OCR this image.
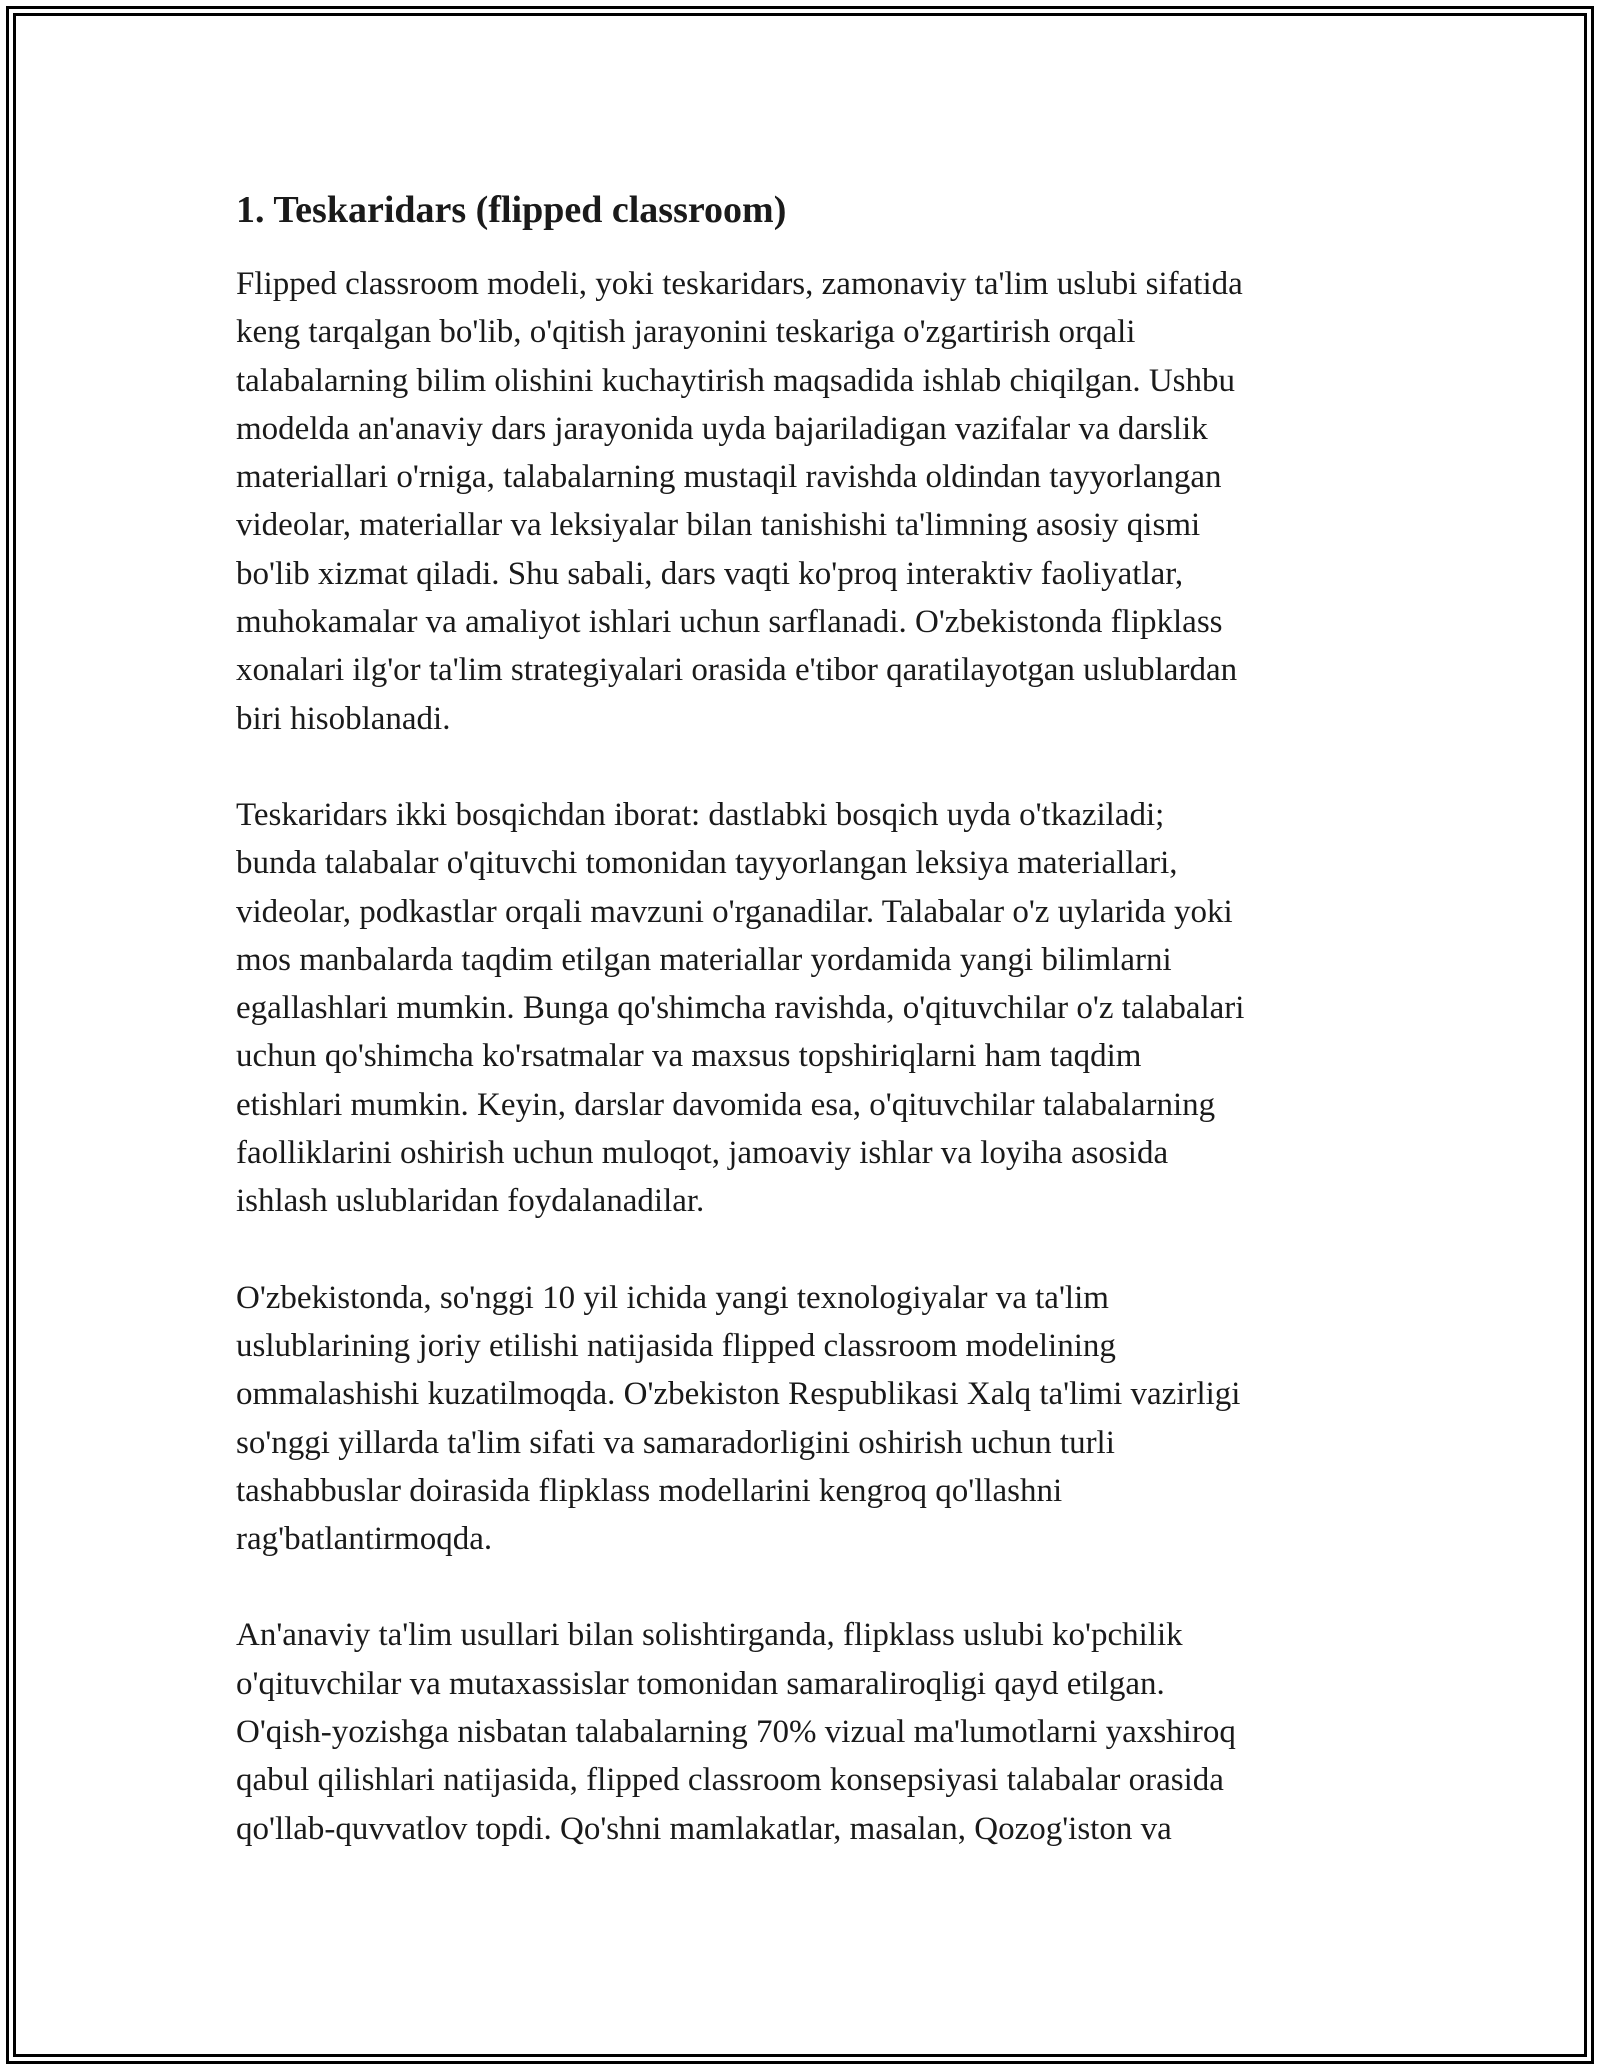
1. Teskaridars (flipped classroom)

Flipped classroom modeli, yoki teskaridars, zamonaviy ta'lim uslubi sifatida
keng tarqalgan bo'lib, o'qitish jarayonini teskariga o'zgartirish orqali
talabalarning bilim olishini kuchaytirish maqsadida ishlab chiqilgan. Ushbu
modelda an'anaviy dars jarayonida uyda bajariladigan vazifalar va darslik
materiallari o'rniga, talabalarning mustaqil ravishda oldindan tayyorlangan
videolar, materiallar va leksiyalar bilan tanishishi ta'limning asosiy qismi
bo'lib xizmat qiladi. Shu sabali, dars vaqti ko'proq interaktiv faoliyatlar,
muhokamalar va amaliyot ishlari uchun sarflanadi. O'zbekistonda flipklass
xonalari ilg'or ta'lim strategiyalari orasida e'tibor qaratilayotgan uslublardan
biri hisoblanadi.

Teskaridars ikki bosqichdan iborat: dastlabki bosqich uyda o'tkaziladi;
bunda talabalar o'qituvchi tomonidan tayyorlangan leksiya materiallari,
videolar, podkastlar orqali mavzuni o'rganadilar. Talabalar o'z uylarida yoki
mos manbalarda taqdim etilgan materiallar yordamida yangi bilimlarni
egallashlari mumkin. Bunga qo'shimcha ravishda, o'qituvchilar o'z talabalari
uchun qo'shimcha ko'rsatmalar va maxsus topshiriqlarni ham taqdim
etishlari mumkin. Keyin, darslar davomida esa, o'qituvchilar talabalarning
faolliklarini oshirish uchun muloqot, jamoaviy ishlar va loyiha asosida
ishlash uslublaridan foydalanadilar.

O'zbekistonda, so'nggi 10 yil ichida yangi texnologiyalar va ta'lim
uslublarining joriy etilishi natijasida flipped classroom modelining
ommalashishi kuzatilmoqda. O'zbekiston Respublikasi Xalq ta'limi vazirligi
so'nggi yillarda ta'lim sifati va samaradorligini oshirish uchun turli
tashabbuslar doirasida flipklass modellarini kengroq qo'llashni
rag'batlantirmoqda.

An'anaviy ta'lim usullari bilan solishtirganda, flipklass uslubi ko'pchilik
o'qituvchilar va mutaxassislar tomonidan samaraliroqligi qayd etilgan.
O'qish-yozishga nisbatan talabalarning 70% vizual ma'lumotlarni yaxshiroq
qabul qilishlari natijasida, flipped classroom konsepsiyasi talabalar orasida
qo'llab-quvvatlov topdi. Qo'shni mamlakatlar, masalan, Qozog'iston va
